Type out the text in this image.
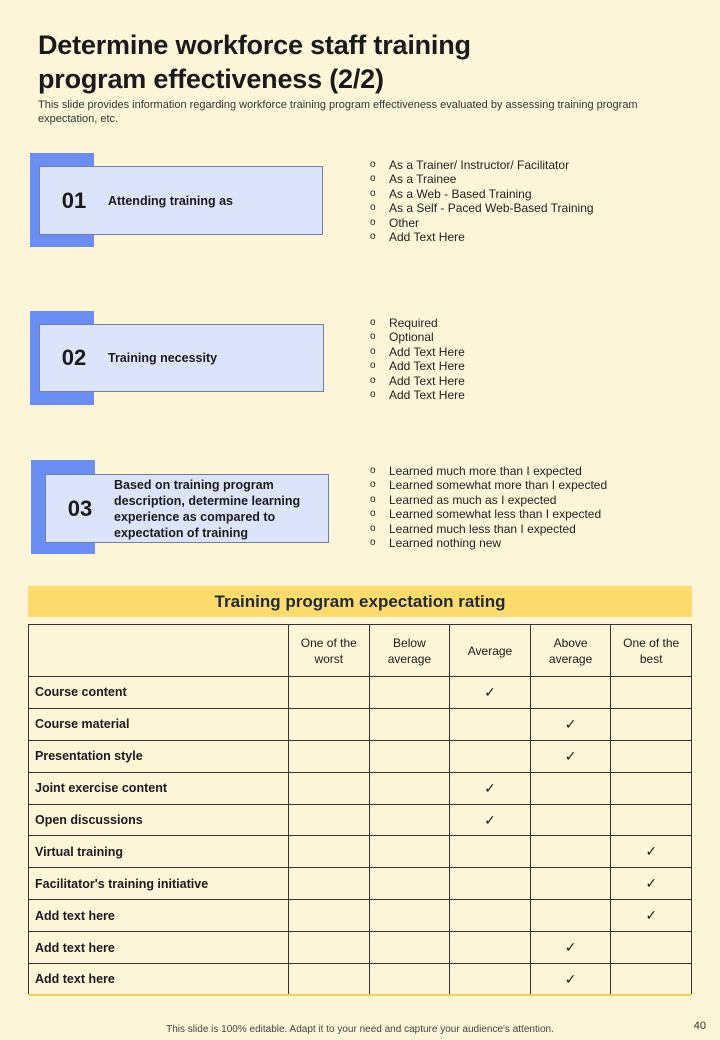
Determine workforce staff training
program effectiveness (2/2)
This slide provides information regarding workforce training program effectiveness evaluated by assessing training program expectation, etc.
01	Attending training as
o	As a Trainer/ Instructor/ Facilitator
o	As a Trainee
o	As a Web - Based Training
o	As a Self - Paced Web-Based Training
o	Other
o	Add Text Here
02	Training necessity
o	Required
o	Optional
o	Add Text Here
o	Add Text Here
o	Add Text Here
o	Add Text Here
03
Based on training program description, determine learning experience as compared to expectation of training
o	Learned much more than I expected
o	Learned somewhat more than I expected
o	Learned as much as I expected
o	Learned somewhat less than I expected
o	Learned much less than I expected
o	Learned nothing new
Training program expectation rating
	One of the worst	Below average	Average	Above average	One of the best
Course content			✓		
Course material				✓	
Presentation style				✓	
Joint exercise content			✓		
Open discussions			✓		
Virtual training					✓
Facilitator's training initiative					✓
Add text here					✓
Add text here				✓	
Add text here				✓	
This slide is 100% editable. Adapt it to your need and capture your audience's attention.	40
